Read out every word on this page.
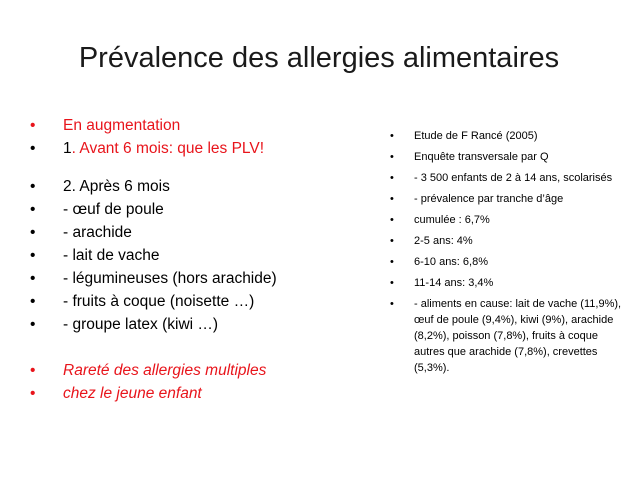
Prévalence des allergies alimentaires
•	En augmentation
•	1. Avant 6 mois: que les PLV!
•	2. Après 6 mois
•	- œuf de poule
•	- arachide
•	- lait de vache
•	- légumineuses (hors arachide)
•	- fruits à coque (noisette …)
•	- groupe latex (kiwi …)
•	Rareté des allergies multiples
•	chez le jeune enfant
• Etude de F Rancé (2005)
• Enquête transversale par Q
• - 3 500 enfants de 2 à 14 ans, scolarisés
• - prévalence par tranche d’âge
• cumulée : 6,7%
• 2-5 ans: 4%
• 6-10 ans: 6,8%
• 11-14 ans: 3,4%
• - aliments en cause: lait de vache (11,9%), œuf de poule (9,4%), kiwi (9%), arachide (8,2%), poisson (7,8%), fruits à coque autres que arachide (7,8%), crevettes (5,3%).
